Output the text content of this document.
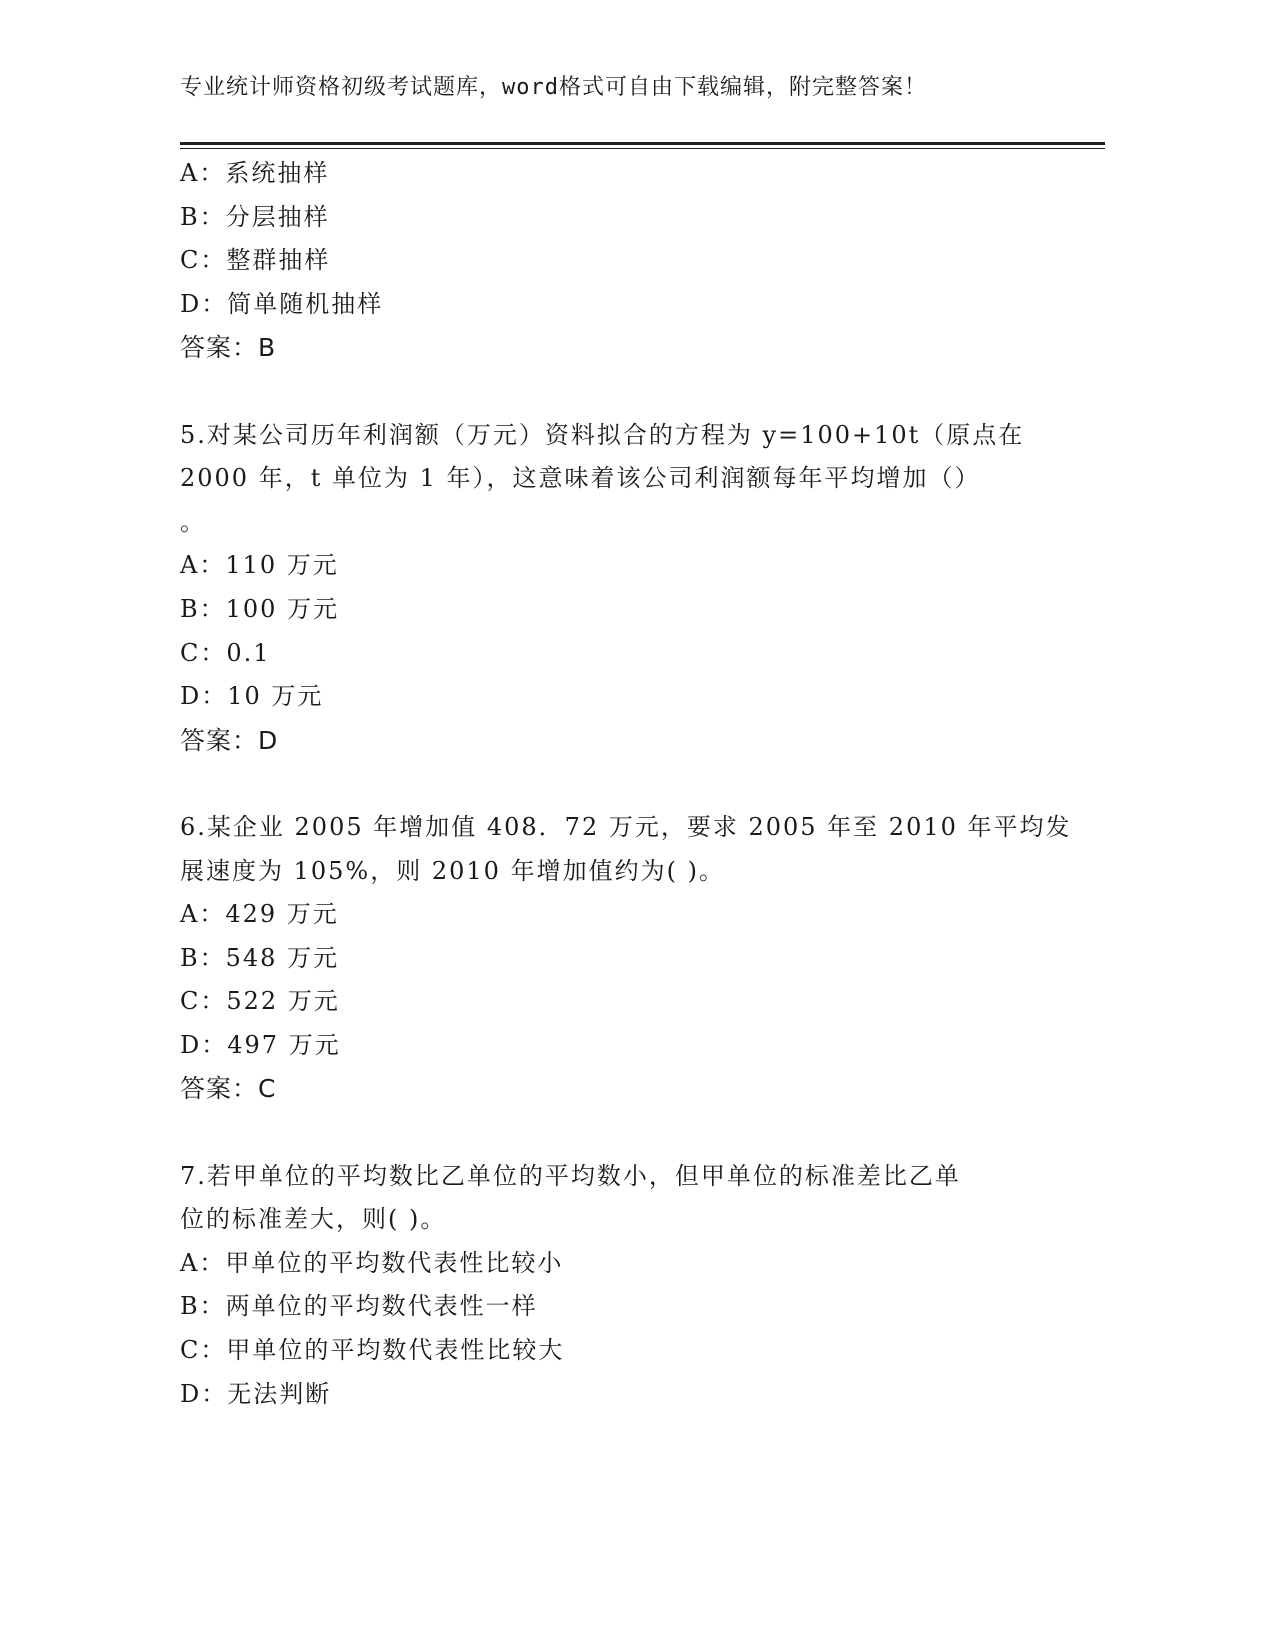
专业统计师资格初级考试题库，word格式可自由下载编辑，附完整答案！
A：系统抽样
B：分层抽样
C：整群抽样
D：简单随机抽样
答案：B
5.对某公司历年利润额（万元）资料拟合的方程为 y=100+10t（原点在
2000 年，t 单位为 1 年），这意味着该公司利润额每年平均增加（）
。
A：110 万元
B：100 万元
C：0.1
D：10 万元
答案：D
6.某企业 2005 年增加值 408．72 万元，要求 2005 年至 2010 年平均发
展速度为 105%，则 2010 年增加值约为( )。
A：429 万元
B：548 万元
C：522 万元
D：497 万元
答案：C
7.若甲单位的平均数比乙单位的平均数小，但甲单位的标准差比乙单
位的标准差大，则( )。
A：甲单位的平均数代表性比较小
B：两单位的平均数代表性一样
C：甲单位的平均数代表性比较大
D：无法判断
